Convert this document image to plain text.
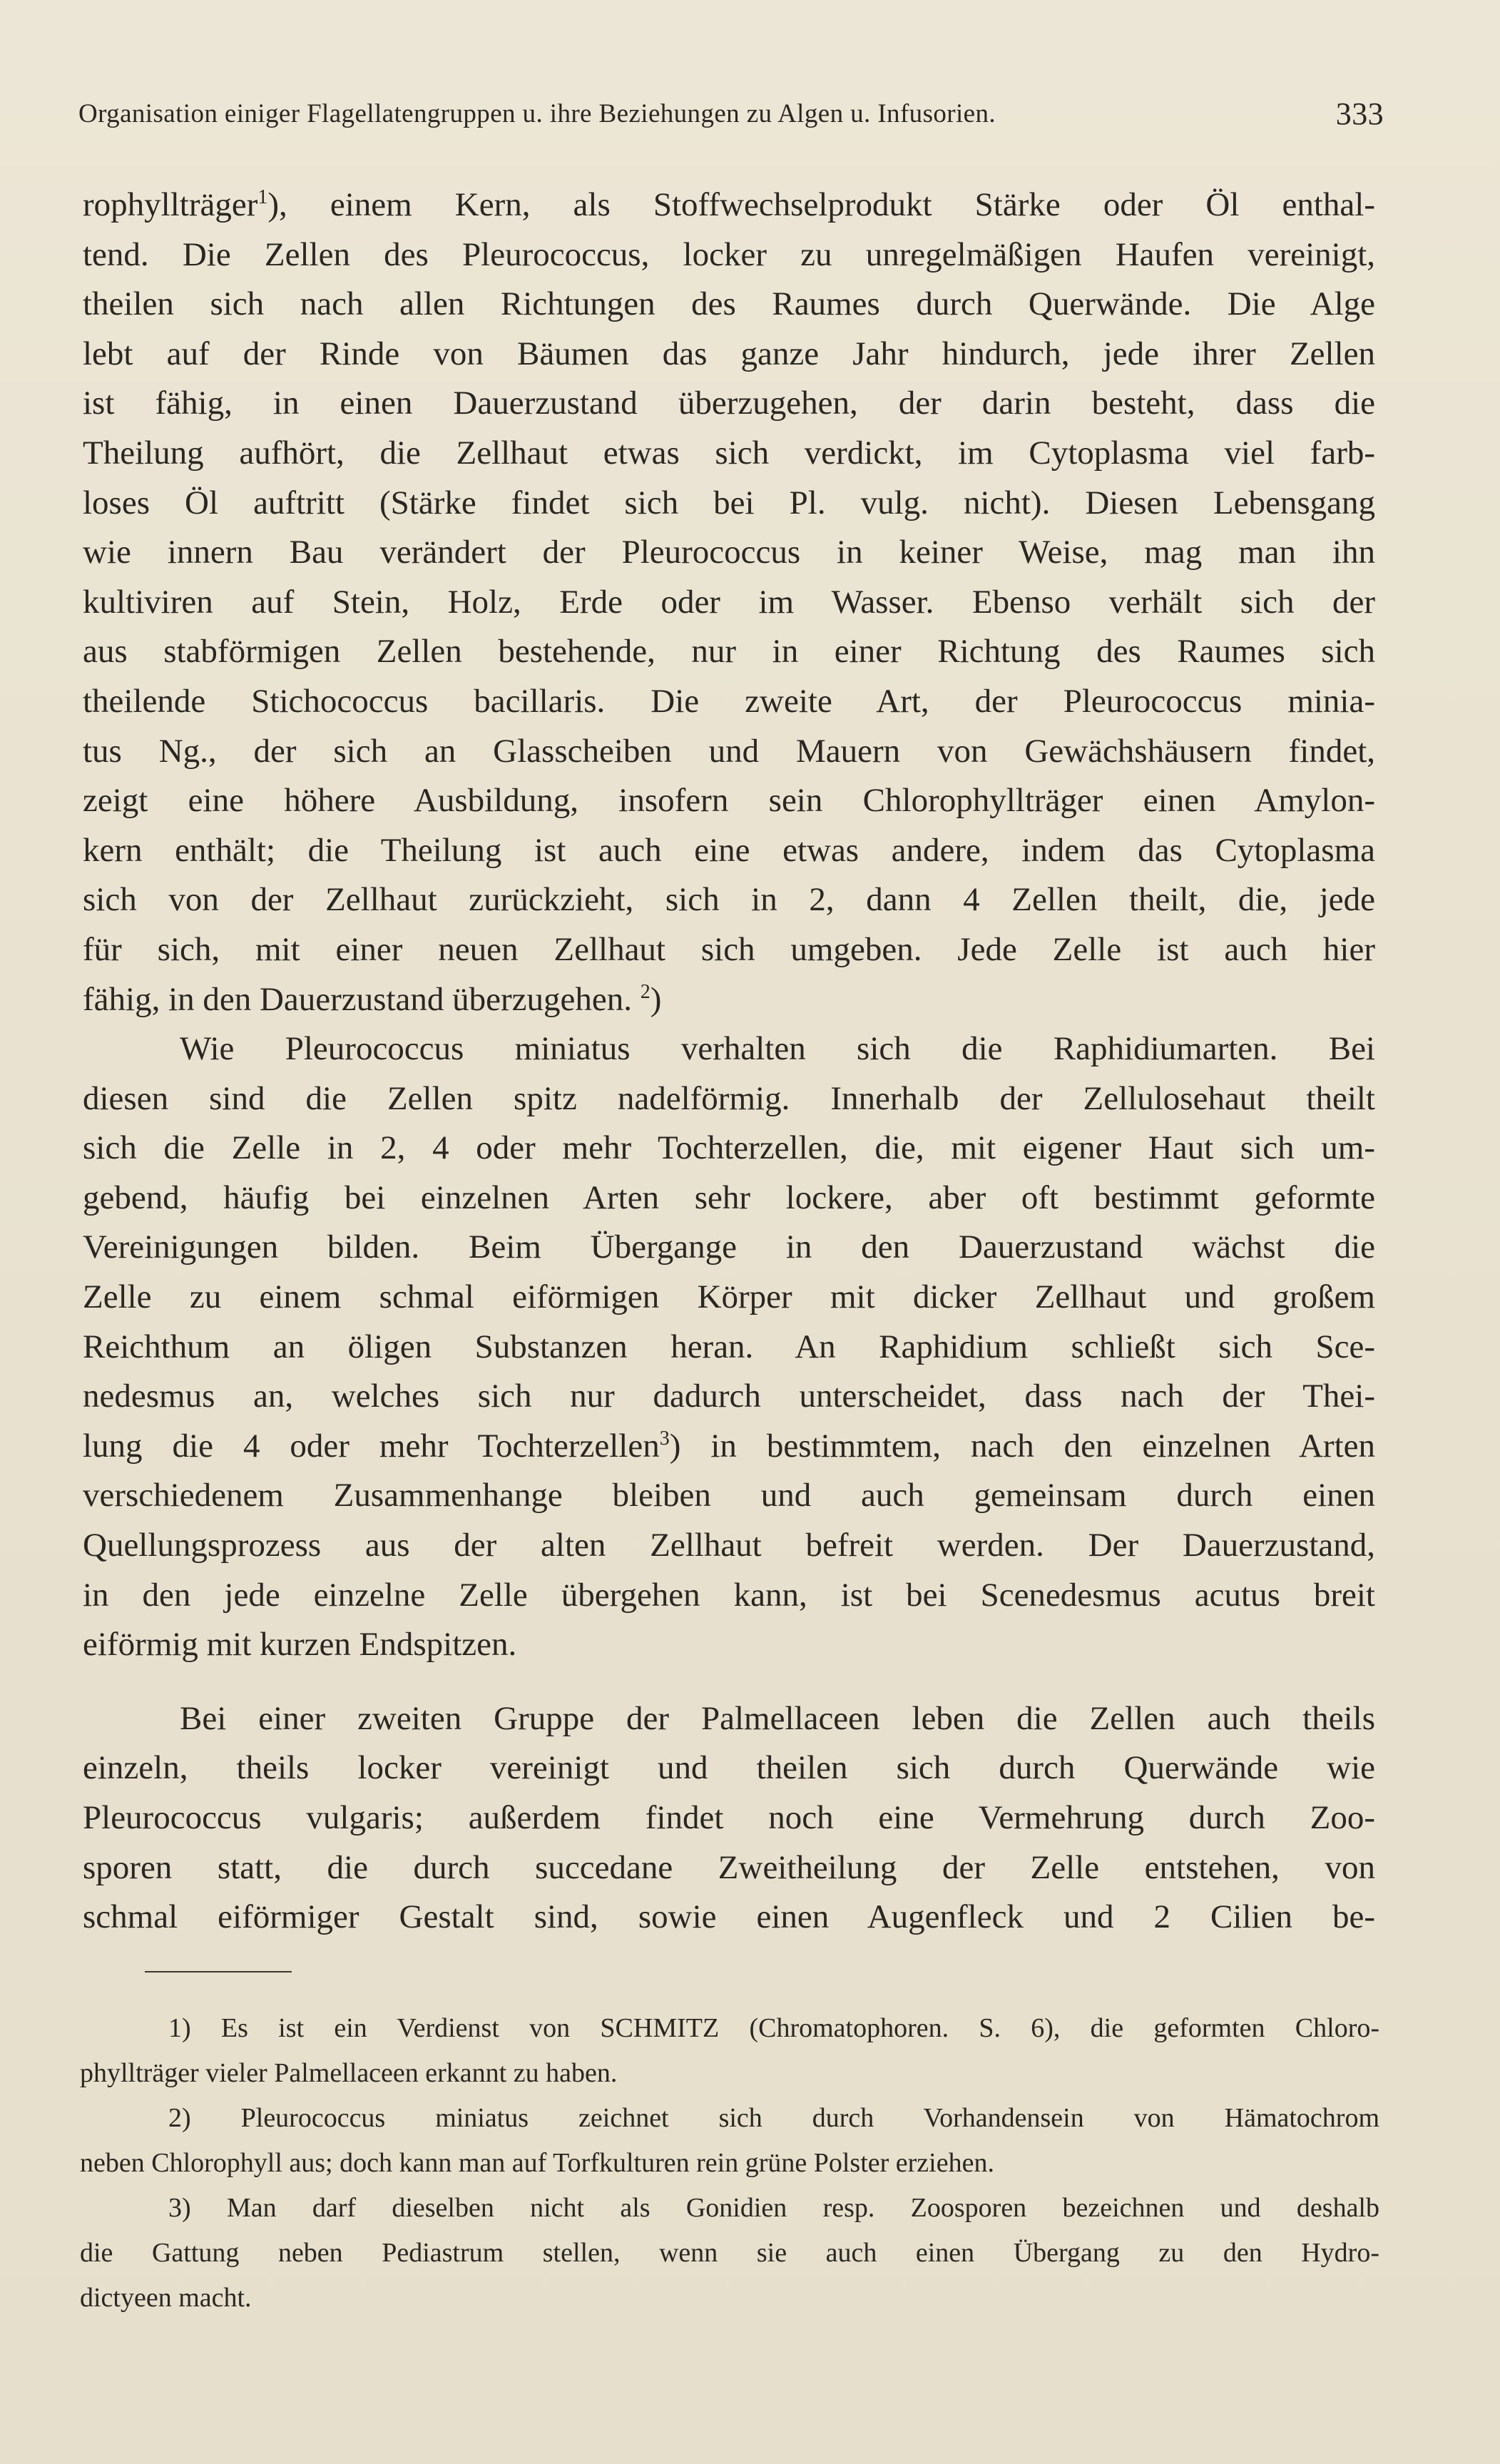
Organisation einiger Flagellatengruppen u. ihre Beziehungen zu Algen u. Infusorien.	333
rophyllträger$^1$), einem Kern, als Stoffwechselprodukt Stärke oder Öl enthal-
tend. Die Zellen des Pleurococcus, locker zu unregelmäßigen Haufen vereinigt,
theilen sich nach allen Richtungen des Raumes durch Querwände. Die Alge
lebt auf der Rinde von Bäumen das ganze Jahr hindurch, jede ihrer Zellen
ist fähig, in einen Dauerzustand überzugehen, der darin besteht, dass die
Theilung aufhört, die Zellhaut etwas sich verdickt, im Cytoplasma viel farb-
loses Öl auftritt (Stärke findet sich bei Pl. vulg. nicht). Diesen Lebensgang
wie innern Bau verändert der Pleurococcus in keiner Weise, mag man ihn
kultiviren auf Stein, Holz, Erde oder im Wasser. Ebenso verhält sich der
aus stabförmigen Zellen bestehende, nur in einer Richtung des Raumes sich
theilende Stichococcus bacillaris. Die zweite Art, der Pleurococcus minia-
tus Ng., der sich an Glasscheiben und Mauern von Gewächshäusern findet,
zeigt eine höhere Ausbildung, insofern sein Chlorophyllträger einen Amylon-
kern enthält; die Theilung ist auch eine etwas andere, indem das Cytoplasma
sich von der Zellhaut zurückzieht, sich in 2, dann 4 Zellen theilt, die, jede
für sich, mit einer neuen Zellhaut sich umgeben. Jede Zelle ist auch hier
fähig, in den Dauerzustand überzugehen. $^2$)
Wie Pleurococcus miniatus verhalten sich die Raphidiumarten. Bei
diesen sind die Zellen spitz nadelförmig. Innerhalb der Zellulosehaut theilt
sich die Zelle in 2, 4 oder mehr Tochterzellen, die, mit eigener Haut sich um-
gebend, häufig bei einzelnen Arten sehr lockere, aber oft bestimmt geformte
Vereinigungen bilden. Beim Übergange in den Dauerzustand wächst die
Zelle zu einem schmal eiförmigen Körper mit dicker Zellhaut und großem
Reichthum an öligen Substanzen heran. An Raphidium schließt sich Sce-
nedesmus an, welches sich nur dadurch unterscheidet, dass nach der Thei-
lung die 4 oder mehr Tochterzellen$^3$) in bestimmtem, nach den einzelnen Arten
verschiedenem Zusammenhange bleiben und auch gemeinsam durch einen
Quellungsprozess aus der alten Zellhaut befreit werden. Der Dauerzustand,
in den jede einzelne Zelle übergehen kann, ist bei Scenedesmus acutus breit
eiförmig mit kurzen Endspitzen.
Bei einer zweiten Gruppe der Palmellaceen leben die Zellen auch theils
einzeln, theils locker vereinigt und theilen sich durch Querwände wie
Pleurococcus vulgaris; außerdem findet noch eine Vermehrung durch Zoo-
sporen statt, die durch succedane Zweitheilung der Zelle entstehen, von
schmal eiförmiger Gestalt sind, sowie einen Augenfleck und 2 Cilien be-
1) Es ist ein Verdienst von SCHMITZ (Chromatophoren. S. 6), die geformten Chloro-
phyllträger vieler Palmellaceen erkannt zu haben.
2) Pleurococcus miniatus zeichnet sich durch Vorhandensein von Hämatochrom
neben Chlorophyll aus; doch kann man auf Torfkulturen rein grüne Polster erziehen.
3) Man darf dieselben nicht als Gonidien resp. Zoosporen bezeichnen und deshalb
die Gattung neben Pediastrum stellen, wenn sie auch einen Übergang zu den Hydro-
dictyeen macht.
